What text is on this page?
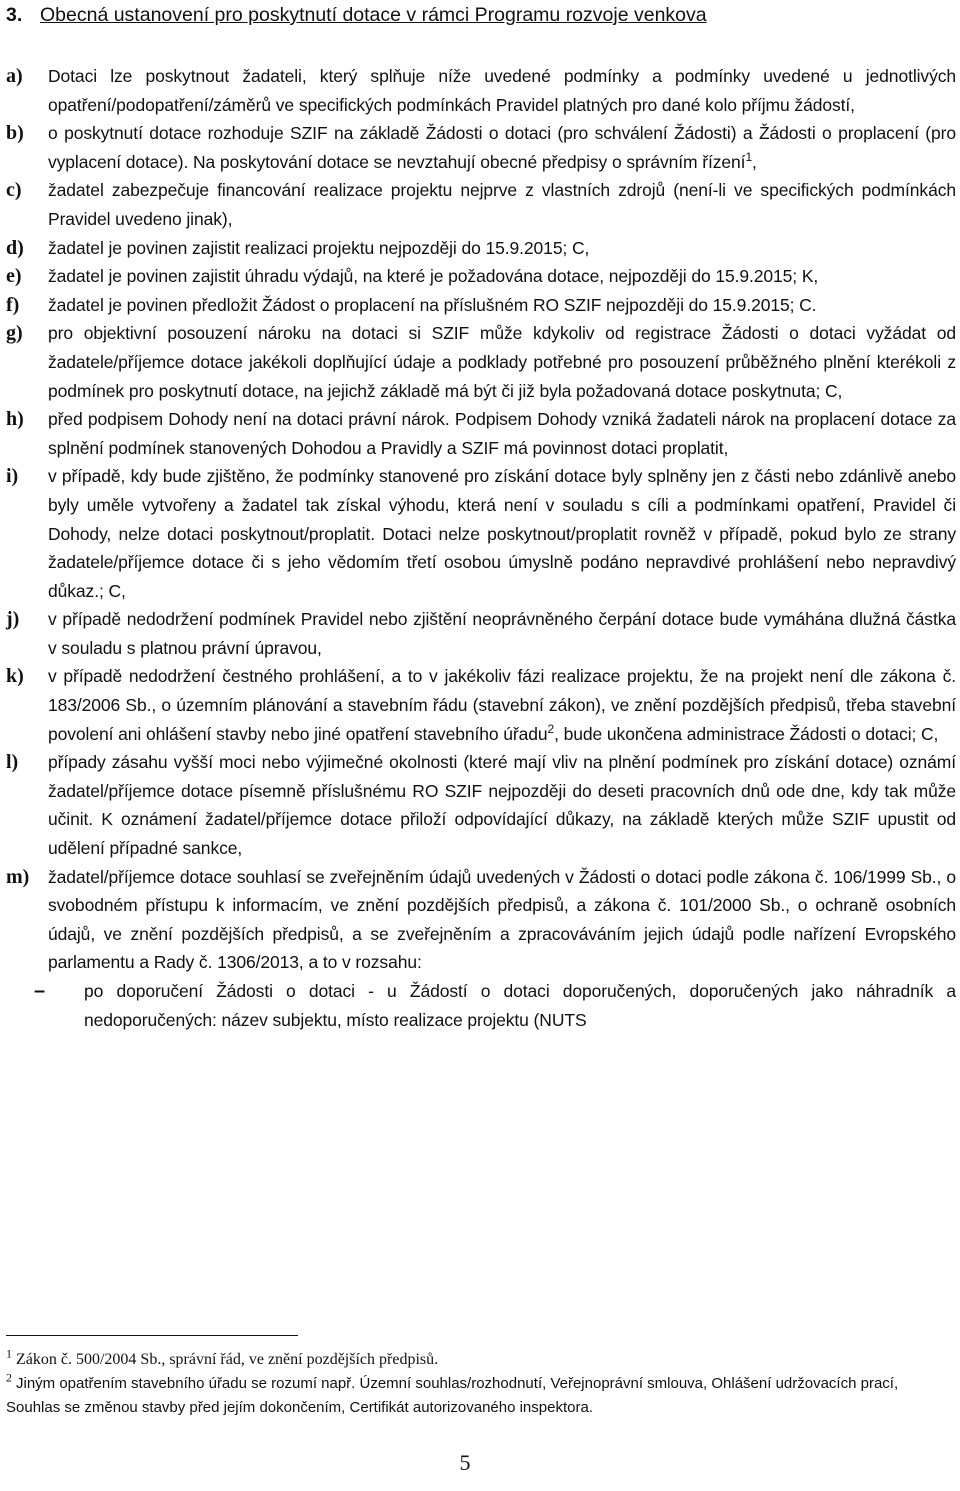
3. Obecná ustanovení pro poskytnutí dotace v rámci Programu rozvoje venkova
a) Dotaci lze poskytnout žadateli, který splňuje níže uvedené podmínky a podmínky uvedené u jednotlivých opatření/podopatření/záměrů ve specifických podmínkách Pravidel platných pro dané kolo příjmu žádostí,
b) o poskytnutí dotace rozhoduje SZIF na základě Žádosti o dotaci (pro schválení Žádosti) a Žádosti o proplacení (pro vyplacení dotace). Na poskytování dotace se nevztahují obecné předpisy o správním řízení$^1$,
c) žadatel zabezpečuje financování realizace projektu nejprve z vlastních zdrojů (není-li ve specifických podmínkách Pravidel uvedeno jinak),
d) žadatel je povinen zajistit realizaci projektu nejpozději do 15.9.2015; C,
e) žadatel je povinen zajistit úhradu výdajů, na které je požadována dotace, nejpozději do 15.9.2015; K,
f) žadatel je povinen předložit Žádost o proplacení na příslušném RO SZIF nejpozději do 15.9.2015; C.
g) pro objektivní posouzení nároku na dotaci si SZIF může kdykoliv od registrace Žádosti o dotaci vyžádat od žadatele/příjemce dotace jakékoli doplňující údaje a podklady potřebné pro posouzení průběžného plnění kterékoli z podmínek pro poskytnutí dotace, na jejichž základě má být či již byla požadovaná dotace poskytnuta; C,
h) před podpisem Dohody není na dotaci právní nárok. Podpisem Dohody vzniká žadateli nárok na proplacení dotace za splnění podmínek stanovených Dohodou a Pravidly a SZIF má povinnost dotaci proplatit,
i) v případě, kdy bude zjištěno, že podmínky stanovené pro získání dotace byly splněny jen z části nebo zdánlivě anebo byly uměle vytvořeny a žadatel tak získal výhodu, která není v souladu s cíli a podmínkami opatření, Pravidel či Dohody, nelze dotaci poskytnout/proplatit. Dotaci nelze poskytnout/proplatit rovněž v případě, pokud bylo ze strany žadatele/příjemce dotace či s jeho vědomím třetí osobou úmyslně podáno nepravdivé prohlášení nebo nepravdivý důkaz.; C,
j) v případě nedodržení podmínek Pravidel nebo zjištění neoprávněného čerpání dotace bude vymáhána dlužná částka v souladu s platnou právní úpravou,
k) v případě nedodržení čestného prohlášení, a to v jakékoliv fázi realizace projektu, že na projekt není dle zákona č. 183/2006 Sb., o územním plánování a stavebním řádu (stavební zákon), ve znění pozdějších předpisů, třeba stavební povolení ani ohlášení stavby nebo jiné opatření stavebního úřadu$^2$, bude ukončena administrace Žádosti o dotaci; C,
l) případy zásahu vyšší moci nebo výjimečné okolnosti (které mají vliv na plnění podmínek pro získání dotace) oznámí žadatel/příjemce dotace písemně příslušnému RO SZIF nejpozději do deseti pracovních dnů ode dne, kdy tak může učinit. K oznámení žadatel/příjemce dotace přiloží odpovídající důkazy, na základě kterých může SZIF upustit od udělení případné sankce,
m) žadatel/příjemce dotace souhlasí se zveřejněním údajů uvedených v Žádosti o dotaci podle zákona č. 106/1999 Sb., o svobodném přístupu k informacím, ve znění pozdějších předpisů, a zákona č. 101/2000 Sb., o ochraně osobních údajů, ve znění pozdějších předpisů, a se zveřejněním a zpracováváním jejich údajů podle nařízení Evropského parlamentu a Rady č. 1306/2013, a to v rozsahu:
– po doporučení Žádosti o dotaci - u Žádostí o dotaci doporučených, doporučených jako náhradník a nedoporučených: název subjektu, místo realizace projektu (NUTS
$^1$ Zákon č. 500/2004 Sb., správní řád, ve znění pozdějších předpisů.
$^2$ Jiným opatřením stavebního úřadu se rozumí např. Územní souhlas/rozhodnutí, Veřejnoprávní smlouva, Ohlášení udržovacích prací, Souhlas se změnou stavby před jejím dokončením, Certifikát autorizovaného inspektora.
5
